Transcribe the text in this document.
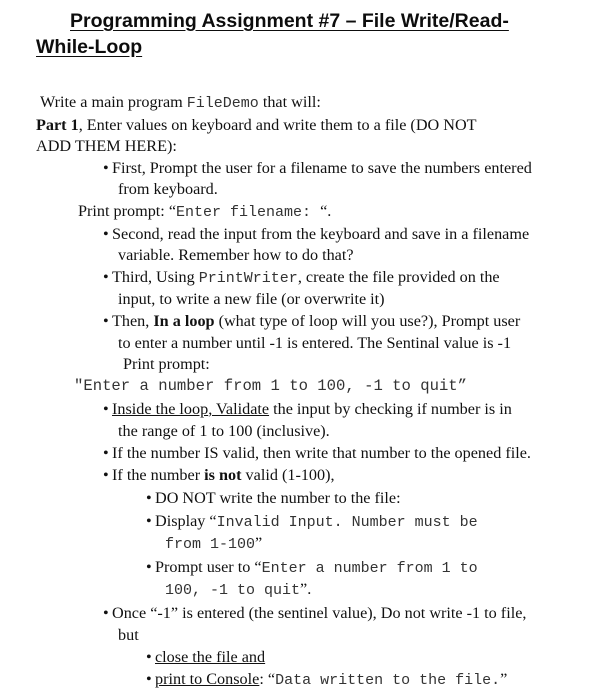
Programming Assignment #7 – File Write/Read-
While-Loop
Write a main program FileDemo that will:
Part 1, Enter values on keyboard and write them to a file (DO NOT
ADD THEM HERE):
• First, Prompt the user for a filename to save the numbers entered
from keyboard.
Print prompt: “Enter filename: “.
• Second, read the input from the keyboard and save in a filename
variable. Remember how to do that?
• Third, Using PrintWriter, create the file provided on the
input, to write a new file (or overwrite it)
• Then, In a loop (what type of loop will you use?), Prompt user
to enter a number until -1 is entered. The Sentinal value is -1
Print prompt:
"Enter a number from 1 to 100, -1 to quit”
• Inside the loop, Validate the input by checking if number is in
the range of 1 to 100 (inclusive).
• If the number IS valid, then write that number to the opened file.
• If the number is not valid (1-100),
• DO NOT write the number to the file:
• Display “Invalid Input. Number must be
from 1-100”
• Prompt user to “Enter a number from 1 to
100, -1 to quit”.
• Once “-1” is entered (the sentinel value), Do not write -1 to file,
but
• close the file and
• print to Console: “Data written to the file.”
